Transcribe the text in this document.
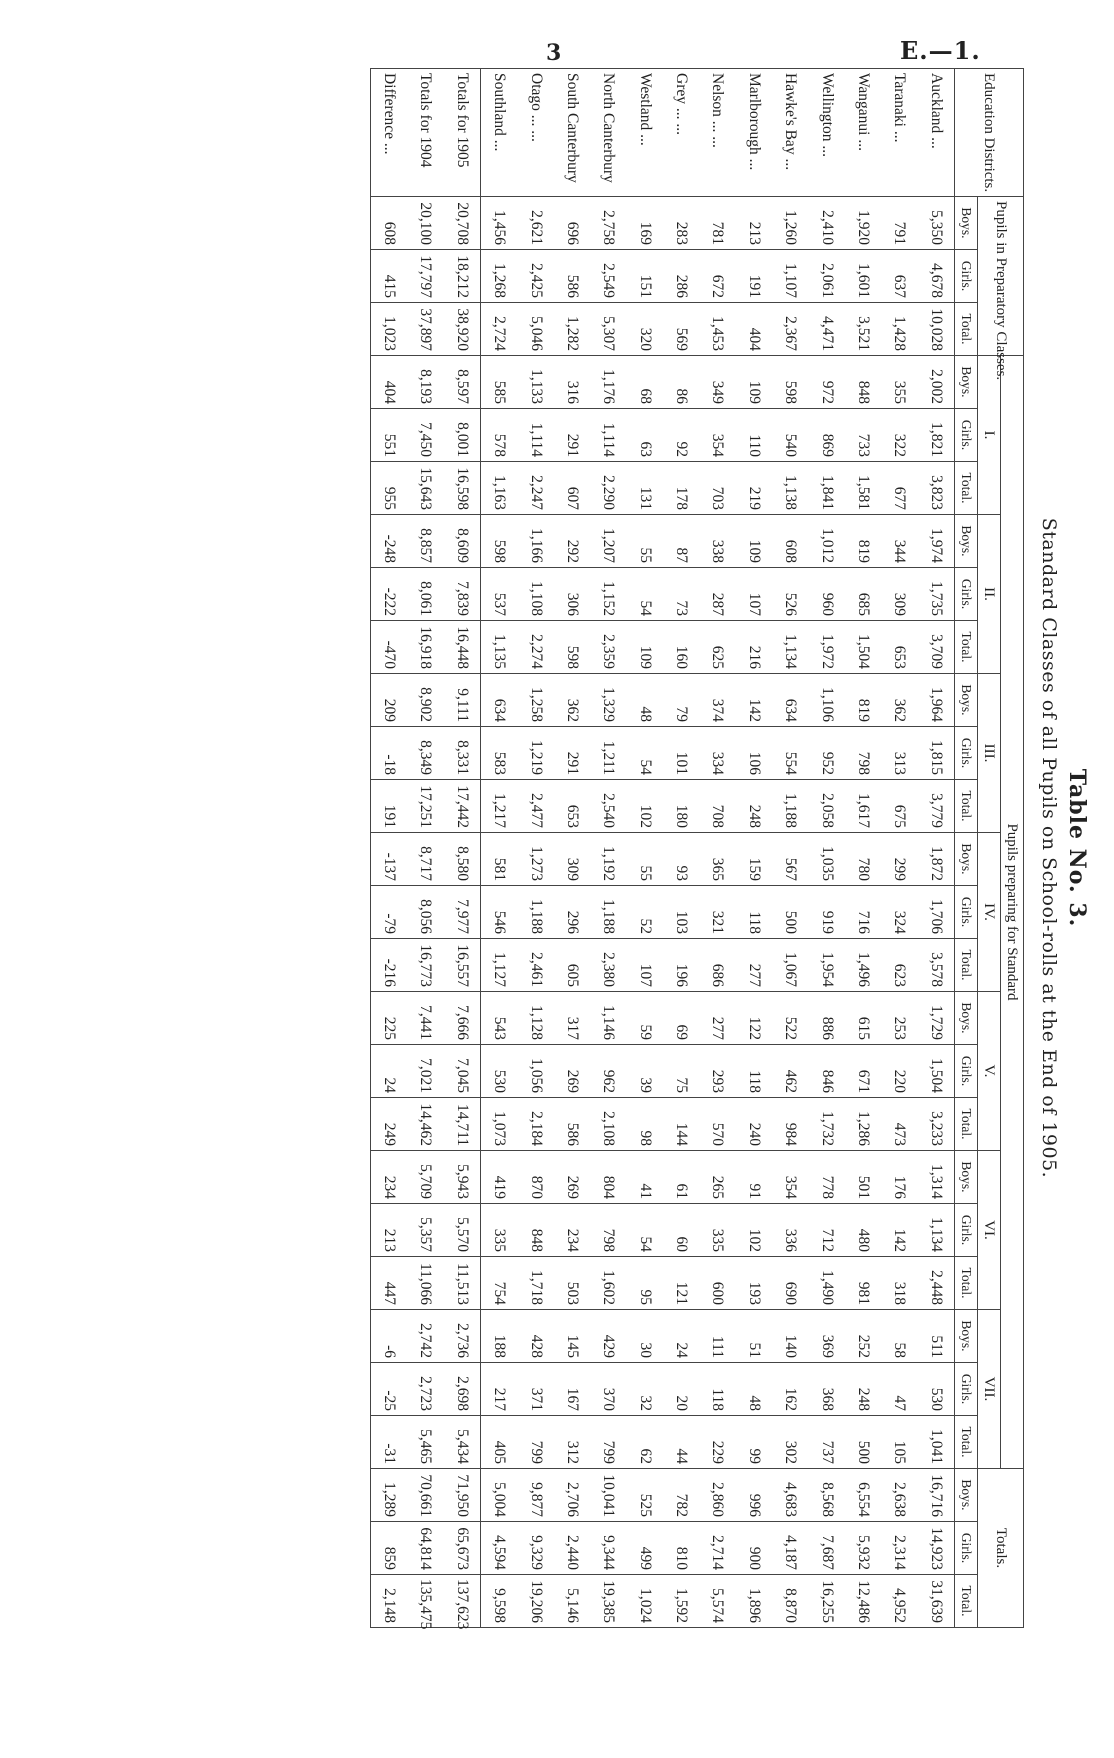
3	E.—1.
Table No. 3.
Standard Classes of all Pupils on School-rolls at the End of 1905.
Education Districts.	Pupils in Preparatory Classes.			Pupils preparing for Standard																					Totals.		
				I.			II.			III.			IV.			V.			VI.			VII.					
	Boys.	Girls.	Total.	Boys.	Girls.	Total.	Boys.	Girls.	Total.	Boys.	Girls.	Total.	Boys.	Girls.	Total.	Boys.	Girls.	Total.	Boys.	Girls.	Total.	Boys.	Girls.	Total.	Boys.	Girls.	Total.
Auckland ...	5,350	4,678	10,028	2,002	1,821	3,823	1,974	1,735	3,709	1,964	1,815	3,779	1,872	1,706	3,578	1,729	1,504	3,233	1,314	1,134	2,448	511	530	1,041	16,716	14,923	31,639
Taranaki ...	791	637	1,428	355	322	677	344	309	653	362	313	675	299	324	623	253	220	473	176	142	318	58	47	105	2,638	2,314	4,952
Wanganui ...	1,920	1,601	3,521	848	733	1,581	819	685	1,504	819	798	1,617	780	716	1,496	615	671	1,286	501	480	981	252	248	500	6,554	5,932	12,486
Wellington ...	2,410	2,061	4,471	972	869	1,841	1,012	960	1,972	1,106	952	2,058	1,035	919	1,954	886	846	1,732	778	712	1,490	369	368	737	8,568	7,687	16,255
Hawke's Bay ...	1,260	1,107	2,367	598	540	1,138	608	526	1,134	634	554	1,188	567	500	1,067	522	462	984	354	336	690	140	162	302	4,683	4,187	8,870
Marlborough ...	213	191	404	109	110	219	109	107	216	142	106	248	159	118	277	122	118	240	91	102	193	51	48	99	996	900	1,896
Nelson ... ...	781	672	1,453	349	354	703	338	287	625	374	334	708	365	321	686	277	293	570	265	335	600	111	118	229	2,860	2,714	5,574
Grey ... ...	283	286	569	86	92	178	87	73	160	79	101	180	93	103	196	69	75	144	61	60	121	24	20	44	782	810	1,592
Westland ...	169	151	320	68	63	131	55	54	109	48	54	102	55	52	107	59	39	98	41	54	95	30	32	62	525	499	1,024
North Canterbury	2,758	2,549	5,307	1,176	1,114	2,290	1,207	1,152	2,359	1,329	1,211	2,540	1,192	1,188	2,380	1,146	962	2,108	804	798	1,602	429	370	799	10,041	9,344	19,385
South Canterbury	696	586	1,282	316	291	607	292	306	598	362	291	653	309	296	605	317	269	586	269	234	503	145	167	312	2,706	2,440	5,146
Otago ... ...	2,621	2,425	5,046	1,133	1,114	2,247	1,166	1,108	2,274	1,258	1,219	2,477	1,273	1,188	2,461	1,128	1,056	2,184	870	848	1,718	428	371	799	9,877	9,329	19,206
Southland ...	1,456	1,268	2,724	585	578	1,163	598	537	1,135	634	583	1,217	581	546	1,127	543	530	1,073	419	335	754	188	217	405	5,004	4,594	9,598
Totals for 1905	20,708	18,212	38,920	8,597	8,001	16,598	8,609	7,839	16,448	9,111	8,331	17,442	8,580	7,977	16,557	7,666	7,045	14,711	5,943	5,570	11,513	2,736	2,698	5,434	71,950	65,673	137,623
Totals for 1904	20,100	17,797	37,897	8,193	7,450	15,643	8,857	8,061	16,918	8,902	8,349	17,251	8,717	8,056	16,773	7,441	7,021	14,462	5,709	5,357	11,066	2,742	2,723	5,465	70,661	64,814	135,475
Difference ...	608	415	1,023	404	551	955	-248	-222	-470	209	-18	191	-137	-79	-216	225	24	249	234	213	447	-6	-25	-31	1,289	859	2,148
